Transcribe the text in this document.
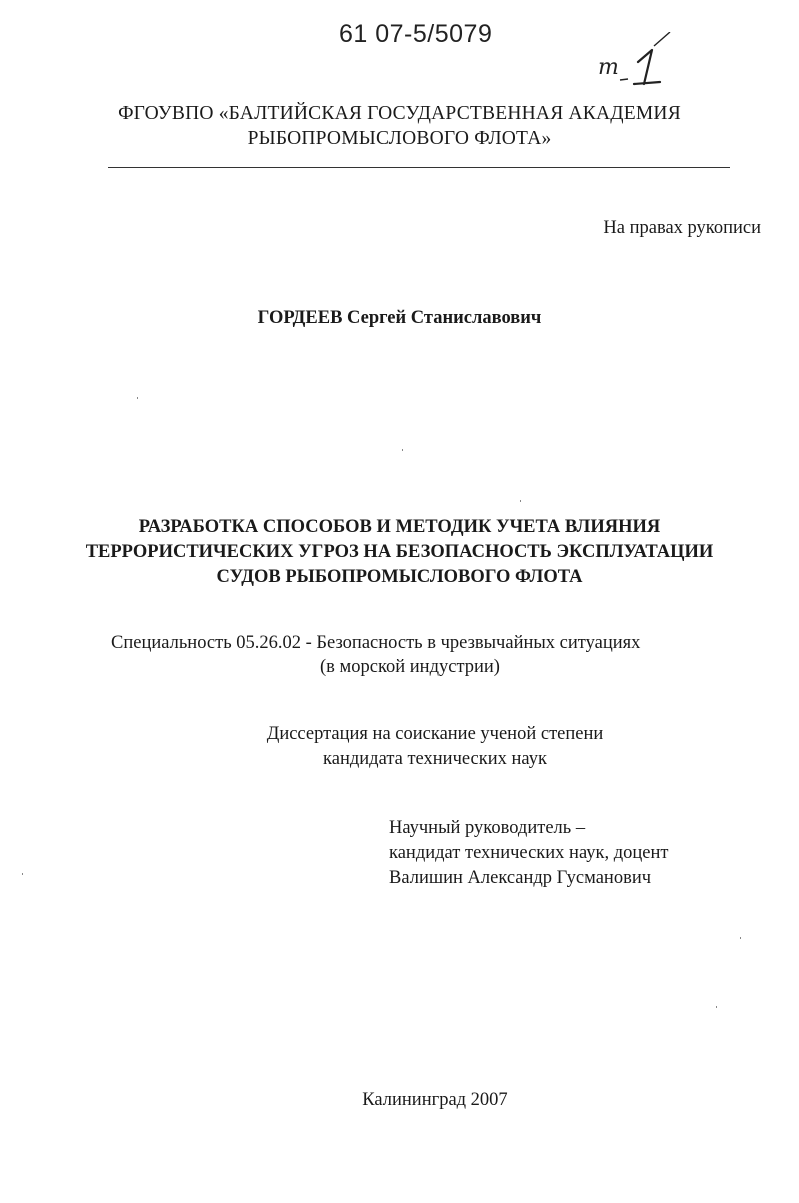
61 07-5/5079
т
ФГОУВПО «БАЛТИЙСКАЯ ГОСУДАРСТВЕННАЯ АКАДЕМИЯ
РЫБОПРОМЫСЛОВОГО ФЛОТА»
На правах рукописи
ГОРДЕЕВ Сергей Станиславович
РАЗРАБОТКА СПОСОБОВ И МЕТОДИК УЧЕТА ВЛИЯНИЯ
ТЕРРОРИСТИЧЕСКИХ УГРОЗ НА БЕЗОПАСНОСТЬ ЭКСПЛУАТАЦИИ
СУДОВ РЫБОПРОМЫСЛОВОГО ФЛОТА
Специальность 05.26.02 - Безопасность в чрезвычайных ситуациях
(в морской индустрии)
Диссертация на соискание ученой степени
кандидата технических наук
Научный руководитель –
кандидат технических наук, доцент
Валишин Александр Гусманович
Калининград 2007
